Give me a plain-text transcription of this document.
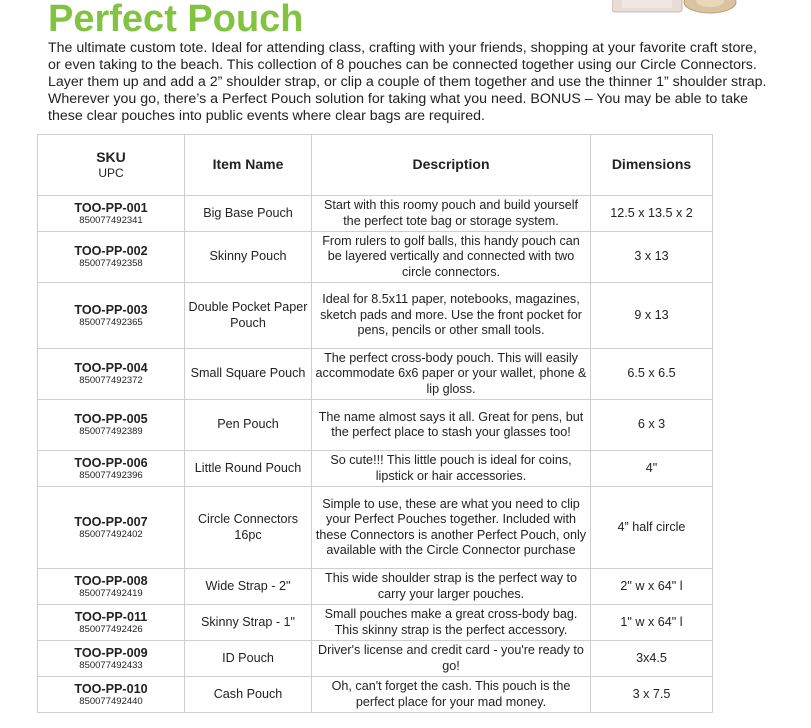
Perfect Pouch

The ultimate custom tote. Ideal for attending class, crafting with your friends, shopping at your favorite craft store, or even taking to the beach. This collection of 8 pouches can be connected together using our Circle Connectors. Layer them up and add a 2” shoulder strap, or clip a couple of them together and use the thinner 1” shoulder strap. Wherever you go, there’s a Perfect Pouch solution for taking what you need. BONUS – You may be able to take these clear pouches into public events where clear bags are required.

SKU
UPC	Item Name	Description	Dimensions

TOO-PP-001
850077492341	Big Base Pouch	Start with this roomy pouch and build yourself the perfect tote bag or storage system.	12.5 x 13.5 x 2

TOO-PP-002
850077492358	Skinny Pouch	From rulers to golf balls, this handy pouch can be layered vertically and connected with two circle connectors.	3 x 13

TOO-PP-003
850077492365	Double Pocket Paper Pouch	Ideal for 8.5x11 paper, notebooks, magazines, sketch pads and more. Use the front pocket for pens, pencils or other small tools.	9 x 13

TOO-PP-004
850077492372	Small Square Pouch	The perfect cross-body pouch. This will easily accommodate 6x6 paper or your wallet, phone & lip gloss.	6.5 x 6.5

TOO-PP-005
850077492389	Pen Pouch	The name almost says it all. Great for pens, but the perfect place to stash your glasses too!	6 x 3

TOO-PP-006
850077492396	Little Round Pouch	So cute!!! This little pouch is ideal for coins, lipstick or hair accessories.	4"

TOO-PP-007
850077492402	Circle Connectors 16pc	Simple to use, these are what you need to clip your Perfect Pouches together. Included with these Connectors is another Perfect Pouch, only available with the Circle Connector purchase	4” half circle

TOO-PP-008
850077492419	Wide Strap - 2"	This wide shoulder strap is the perfect way to carry your larger pouches.	2" w x 64" l

TOO-PP-011
850077492426	Skinny Strap - 1"	Small pouches make a great cross-body bag. This skinny strap is the perfect accessory.	1" w x 64" l

TOO-PP-009
850077492433	ID Pouch	Driver's license and credit card - you're ready to go!	3x4.5

TOO-PP-010
850077492440	Cash Pouch	Oh, can't forget the cash. This pouch is the perfect place for your mad money.	3 x 7.5
